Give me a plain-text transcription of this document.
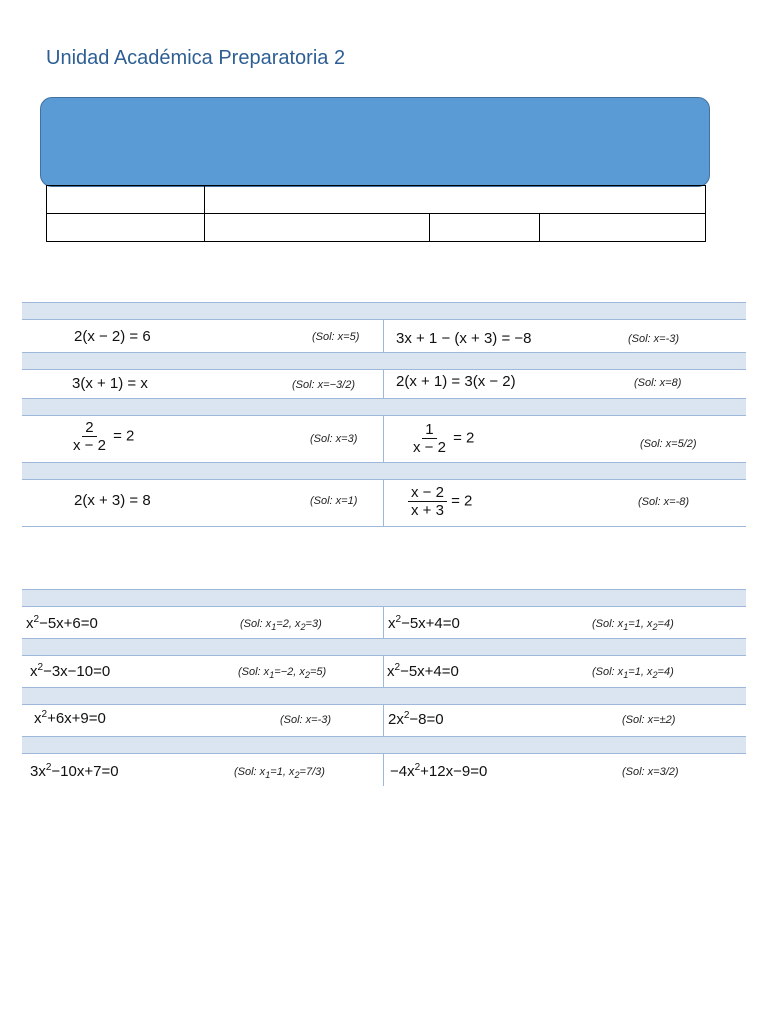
Unidad Académica Preparatoria 2

2(x − 2) = 6	(Sol: x=5) 3x + 1 − (x + 3) = −8	(Sol: x=-3)
3(x + 1) = x	(Sol: x=−3/2)	2(x + 1) = 3(x − 2)	(Sol: x=8)
$\frac{2}{x - 2} = 2$	(Sol: x=3)	$\frac{1}{x - 2} = 2$	(Sol: x=5/2)
2(x + 3) = 8	(Sol: x=1)	$\frac{x - 2}{x + 3} = 2$	(Sol: x=-8)
$x^2-5x+6=0$	(Sol: $x_1=2$, $x_2=3$)	$x^2-5x+4=0$	(Sol: $x_1=1$, $x_2=4$)
$x^2-3x-10=0$	(Sol: $x_1=-2$, $x_2=5$)	$x^2-5x+4=0$	(Sol: $x_1=1$, $x_2=4$)
$x^2+6x+9=0$	(Sol: x=-3)	$2x^2-8=0$	(Sol: x=±2)
$3x^2-10x+7=0$	(Sol: $x_1=1$, $x_2=7/3$)	$-4x^2+12x-9=0$	(Sol: x=3/2)
